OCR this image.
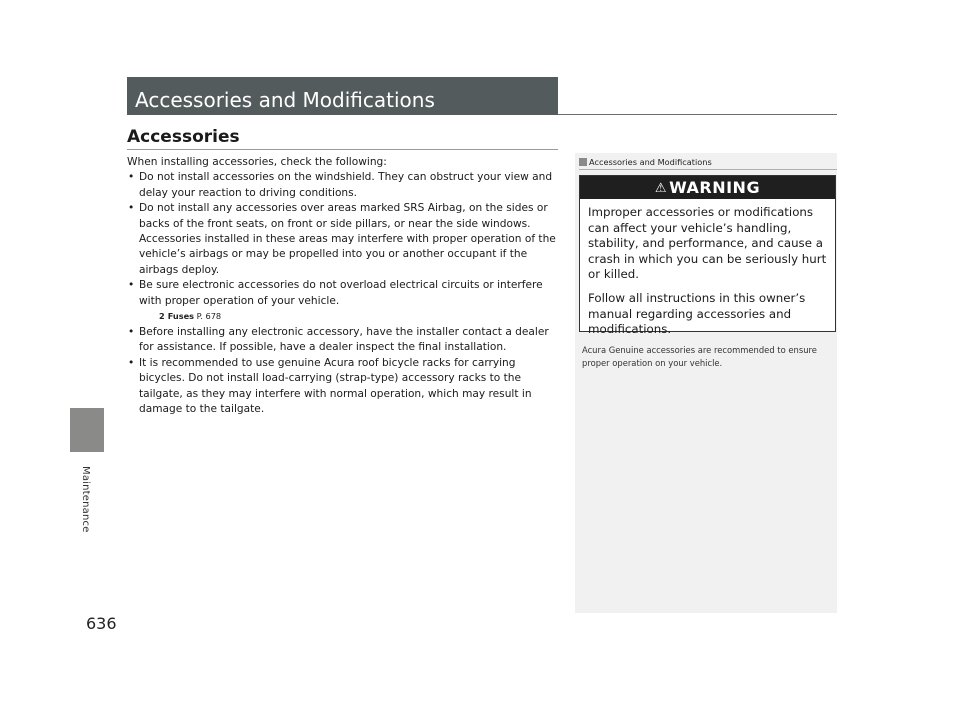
Maintenance
636
Accessories and Modifications
Accessories

When installing accessories, check the following:

• Do not install accessories on the windshield. They can obstruct your view and delay your reaction to driving conditions.
• Do not install any accessories over areas marked SRS Airbag, on the sides or backs of the front seats, on front or side pillars, or near the side windows.
Accessories installed in these areas may interfere with proper operation of the vehicle’s airbags or may be propelled into you or another occupant if the airbags deploy.
• Be sure electronic accessories do not overload electrical circuits or interfere with proper operation of your vehicle.
2 Fuses P. 678
• Before installing any electronic accessory, have the installer contact a dealer for assistance. If possible, have a dealer inspect the final installation.
• It is recommended to use genuine Acura roof bicycle racks for carrying bicycles. Do not install load-carrying (strap-type) accessory racks to the tailgate, as they may interfere with normal operation, which may result in damage to the tailgate.
Accessories and Modifications
⚠ WARNING

Improper accessories or modifications can affect your vehicle’s handling, stability, and performance, and cause a crash in which you can be seriously hurt or killed.

Follow all instructions in this owner’s manual regarding accessories and modifications.

Acura Genuine accessories are recommended to ensure proper operation on your vehicle.
